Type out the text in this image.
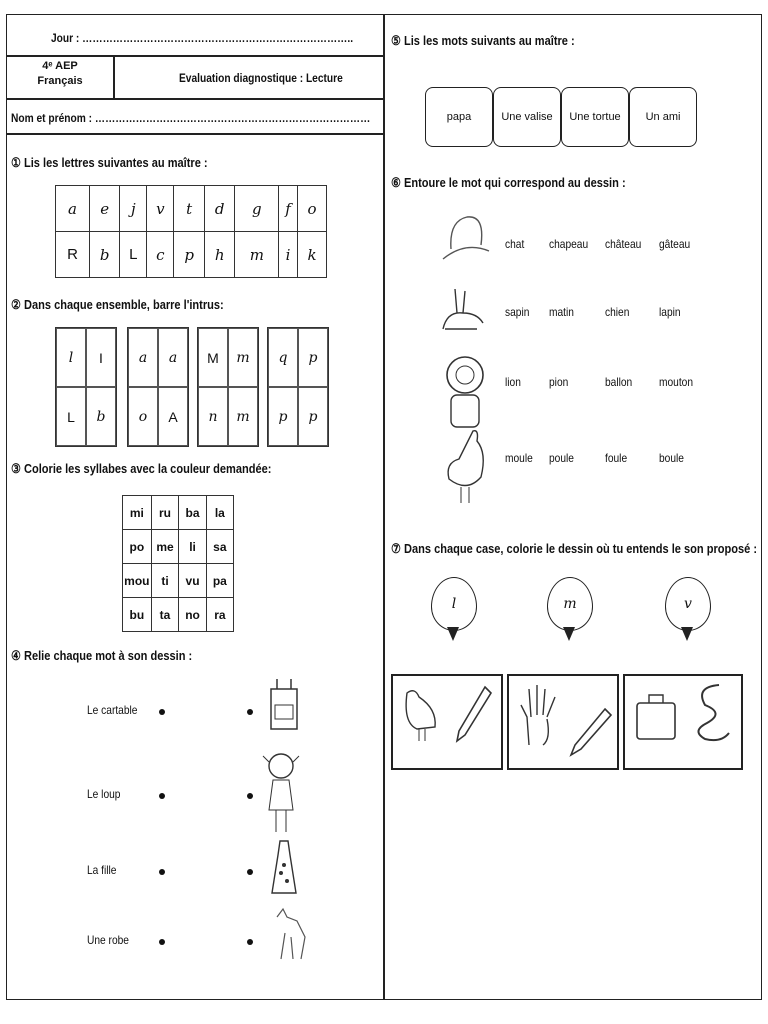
Jour : ……………………………………………………………………..
4ᵉ AEP
Français	Evaluation diagnostique : Lecture
Nom et prénom : ………………………………………………………………………
① Lis les lettres suivantes au maître :
a	e	j	v	t	d	g	f	o
R	b	L	c	p	h	m	i	k
② Dans chaque ensemble, barre l'intrus:
l	I
L	b
a	a
o	A
M	m
n	m
q	p
p	p
③ Colorie les syllabes avec la couleur demandée:
mi	ru	ba	la
po	me	li	sa
mou	ti	vu	pa
bu	ta	no	ra
④ Relie chaque mot à son dessin :
Le cartable
Le loup
La fille
Une robe
⑤ Lis les mots suivants au maître :
papa	Une valise Une tortue Un ami
⑥ Entoure le mot qui correspond au dessin :
chat chapeau château gâteau
sapin matin	chien lapin
lion pion	ballon mouton
moule poule	foule	boule
⑦ Dans chaque case, colorie le dessin où tu entends le son proposé :
l	m	v
